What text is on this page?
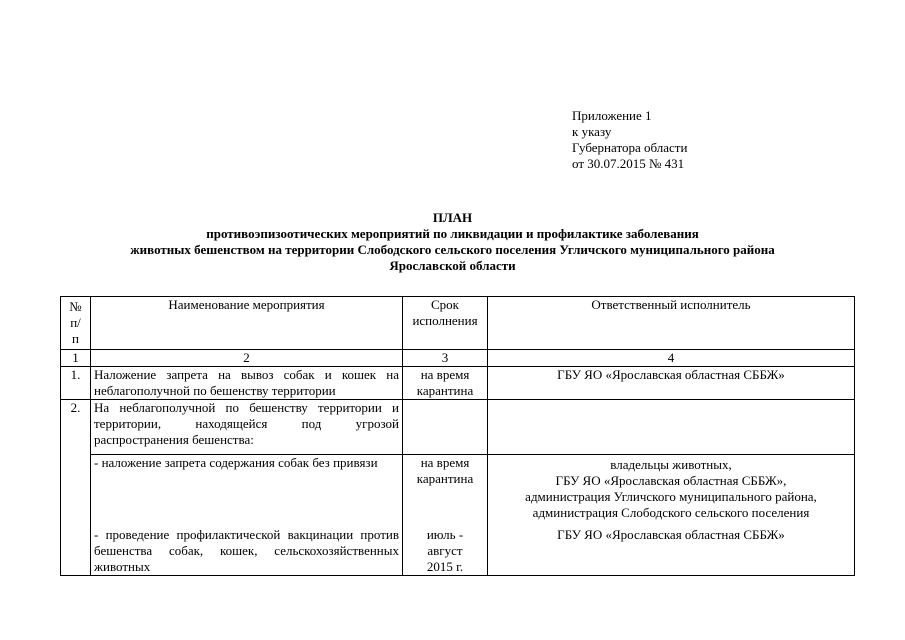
Приложение 1
к указу
Губернатора области
от 30.07.2015 № 431
ПЛАН
противоэпизоотических мероприятий по ликвидации и профилактике заболевания
животных бешенством на территории Слободского сельского поселения Угличского муниципального района
Ярославской области
№ п/п	Наименование мероприятия	Срок исполнения	Ответственный исполнитель
1	2	3	4
1.	Наложение запрета на вывоз собак и кошек на неблагополучной по бешенству территории	на время карантина	ГБУ ЯО «Ярославская областная СББЖ»
2.	На неблагополучной по бешенству территории и территории, находящейся под угрозой распространения бешенства:		
	- наложение запрета содержания собак без привязи	на время карантина	владельцы животных,
ГБУ ЯО «Ярославская областная СББЖ»,
администрация Угличского муниципального района,
администрация Слободского сельского поселения

	- проведение профилактической вакцинации против бешенства собак, кошек, сельскохозяйственных животных	июль -
август
2015 г.	ГБУ ЯО «Ярославская областная СББЖ»
